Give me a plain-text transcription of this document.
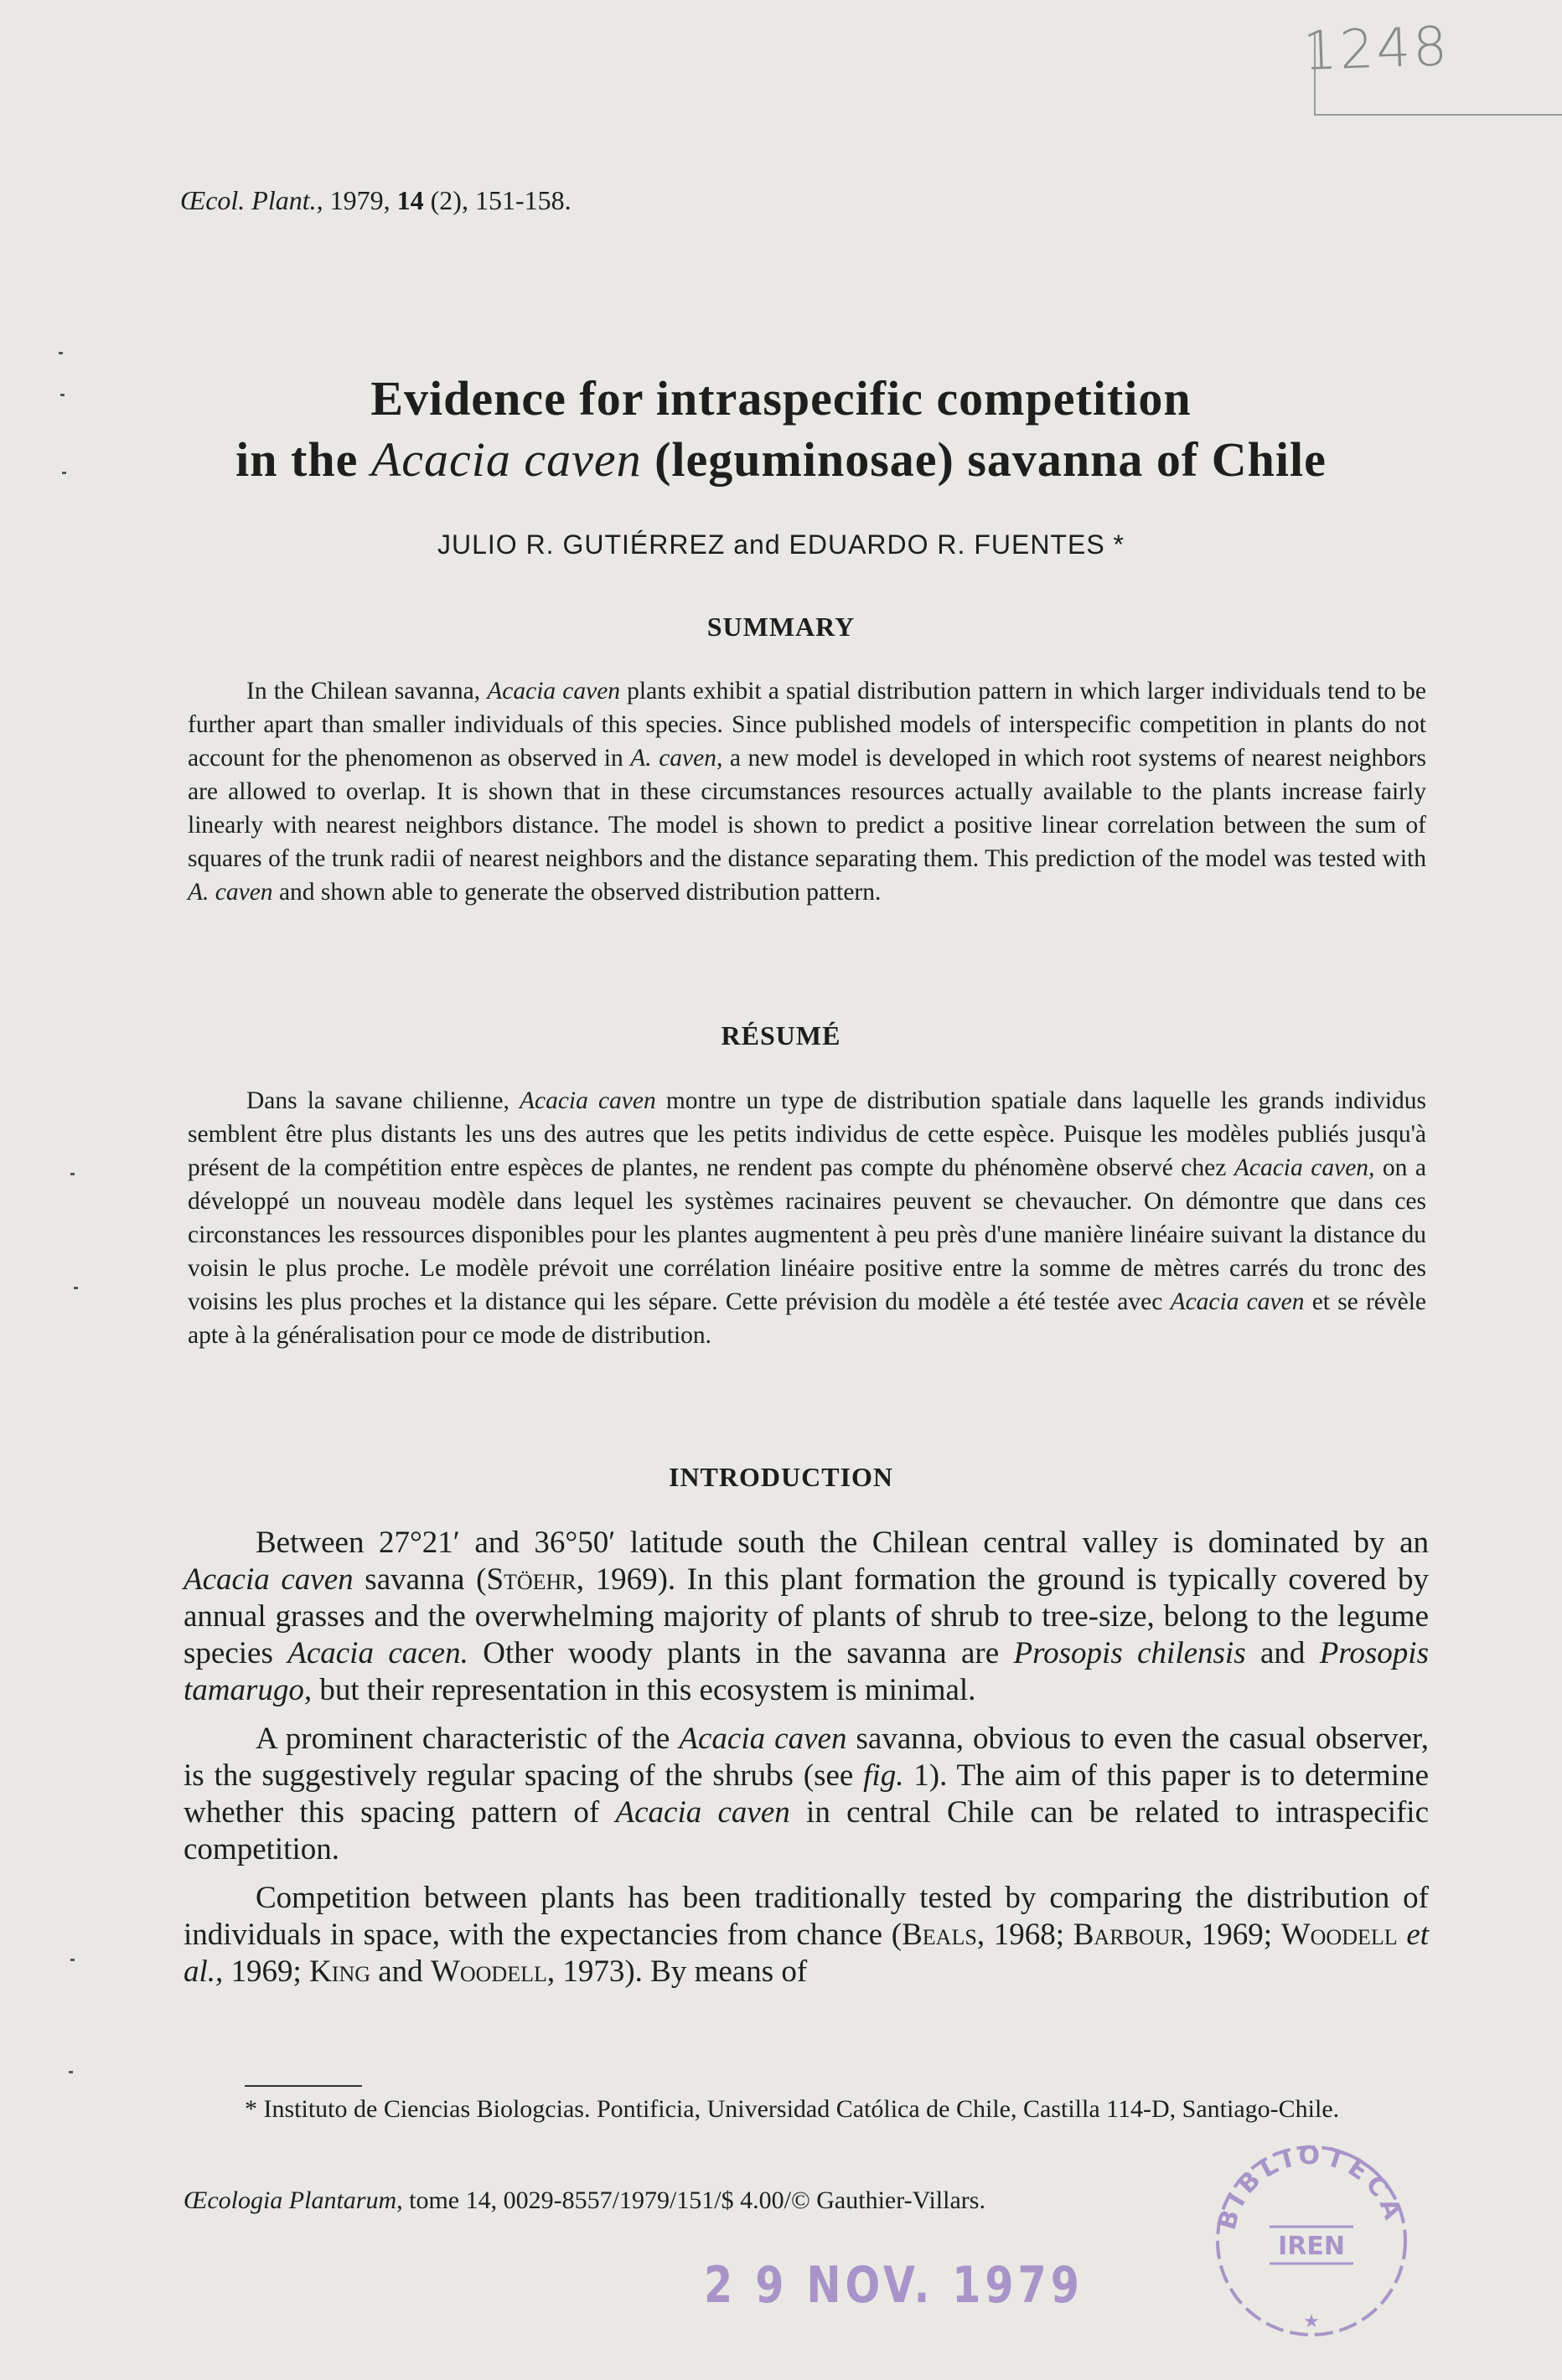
1248
Œcol. Plant., 1979, 14 (2), 151-158.
Evidence for intraspecific competition
in the Acacia caven (leguminosae) savanna of Chile
JULIO R. GUTIÉRREZ and EDUARDO R. FUENTES *
SUMMARY

In the Chilean savanna, Acacia caven plants exhibit a spatial distribution pattern in which larger individuals tend to be further apart than smaller individuals of this species. Since published models of interspecific competition in plants do not account for the phenomenon as observed in A. caven, a new model is developed in which root systems of nearest neighbors are allowed to overlap. It is shown that in these circumstances resources actually available to the plants increase fairly linearly with nearest neighbors distance. The model is shown to predict a positive linear correlation between the sum of squares of the trunk radii of nearest neighbors and the distance separating them. This prediction of the model was tested with A. caven and shown able to generate the observed distribution pattern.

RÉSUMÉ

Dans la savane chilienne, Acacia caven montre un type de distribution spatiale dans laquelle les grands individus semblent être plus distants les uns des autres que les petits individus de cette espèce. Puisque les modèles publiés jusqu'à présent de la compétition entre espèces de plantes, ne rendent pas compte du phénomène observé chez Acacia caven, on a développé un nouveau modèle dans lequel les systèmes racinaires peuvent se chevaucher. On démontre que dans ces circonstances les ressources disponibles pour les plantes augmentent à peu près d'une manière linéaire suivant la distance du voisin le plus proche. Le modèle prévoit une corrélation linéaire positive entre la somme de mètres carrés du tronc des voisins les plus proches et la distance qui les sépare. Cette prévision du modèle a été testée avec Acacia caven et se révèle apte à la généralisation pour ce mode de distribution.

INTRODUCTION

Between 27°21′ and 36°50′ latitude south the Chilean central valley is dominated by an Acacia caven savanna (Stöehr, 1969). In this plant formation the ground is typically covered by annual grasses and the overwhelming majority of plants of shrub to tree-size, belong to the legume species Acacia cacen. Other woody plants in the savanna are Prosopis chilensis and Prosopis tamarugo, but their representation in this ecosystem is minimal.

A prominent characteristic of the Acacia caven savanna, obvious to even the casual observer, is the suggestively regular spacing of the shrubs (see fig. 1). The aim of this paper is to determine whether this spacing pattern of Acacia caven in central Chile can be related to intraspecific competition.

Competition between plants has been traditionally tested by comparing the distribution of individuals in space, with the expectancies from chance (Beals, 1968; Barbour, 1969; Woodell et al., 1969; King and Woodell, 1973). By means of

* Instituto de Ciencias Biologcias. Pontificia, Universidad Católica de Chile, Castilla 114-D, Santiago-Chile.

Œcologia Plantarum, tome 14, 0029-8557/1979/151/$ 4.00/© Gauthier-Villars.
2 9 NOV. 1979
BIBLIOTECA
IREN
★
